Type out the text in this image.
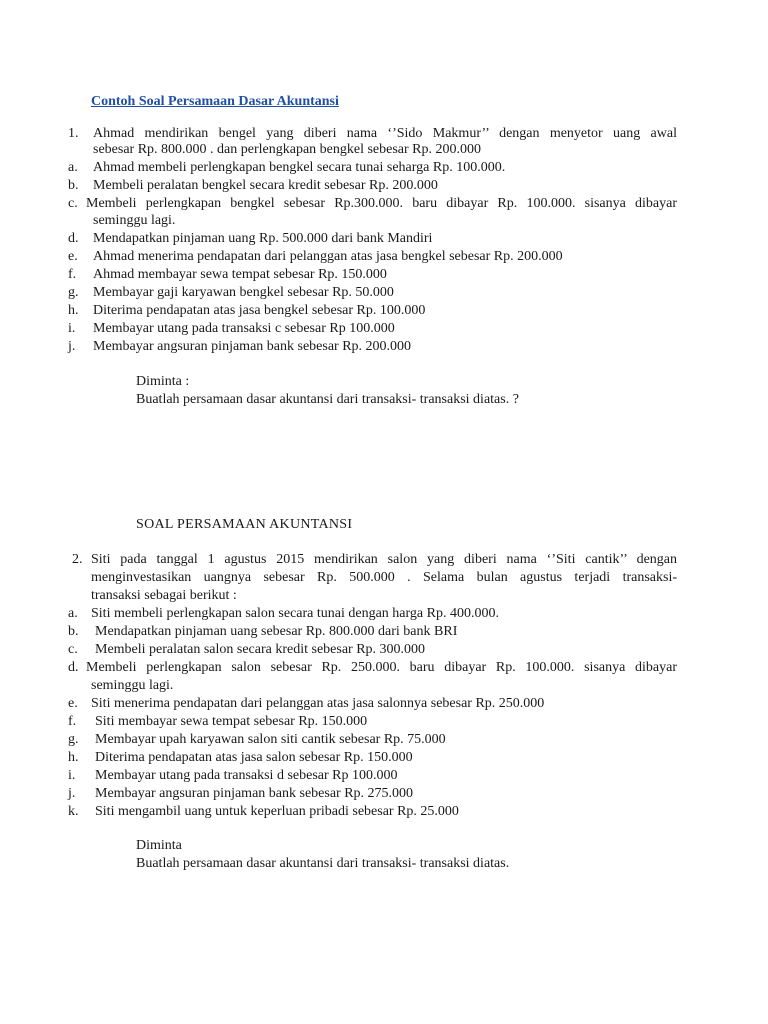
Contoh Soal Persamaan Dasar Akuntansi
1. Ahmad mendirikan bengel yang diberi nama ‘’Sido Makmur’’ dengan menyetor uang awal
sebesar Rp. 800.000 . dan perlengkapan bengkel sebesar Rp. 200.000
a. Ahmad membeli perlengkapan bengkel secara tunai seharga Rp. 100.000.
b. Membeli peralatan bengkel secara kredit sebesar Rp. 200.000
c. Membeli perlengkapan bengkel sebesar Rp.300.000. baru dibayar Rp. 100.000. sisanya dibayar
seminggu lagi.
d. Mendapatkan pinjaman uang Rp. 500.000 dari bank Mandiri
e. Ahmad menerima pendapatan dari pelanggan atas jasa bengkel sebesar Rp. 200.000
f. Ahmad membayar sewa tempat sebesar Rp. 150.000
g. Membayar gaji karyawan bengkel sebesar Rp. 50.000
h. Diterima pendapatan atas jasa bengkel sebesar Rp. 100.000
i. Membayar utang pada transaksi c sebesar Rp 100.000
j. Membayar angsuran pinjaman bank sebesar Rp. 200.000
Diminta :
Buatlah persamaan dasar akuntansi dari transaksi- transaksi diatas. ?
SOAL PERSAMAAN AKUNTANSI
2. Siti pada tanggal 1 agustus 2015 mendirikan salon yang diberi nama ‘’Siti cantik’’ dengan
menginvestasikan uangnya sebesar Rp. 500.000 . Selama bulan agustus terjadi transaksi-
transaksi sebagai berikut :
a. Siti membeli perlengkapan salon secara tunai dengan harga Rp. 400.000.
b. Mendapatkan pinjaman uang sebesar Rp. 800.000 dari bank BRI
c. Membeli peralatan salon secara kredit sebesar Rp. 300.000
d. Membeli perlengkapan salon sebesar Rp. 250.000. baru dibayar Rp. 100.000. sisanya dibayar
seminggu lagi.
e. Siti menerima pendapatan dari pelanggan atas jasa salonnya sebesar Rp. 250.000
f. Siti membayar sewa tempat sebesar Rp. 150.000
g. Membayar upah karyawan salon siti cantik sebesar Rp. 75.000
h. Diterima pendapatan atas jasa salon sebesar Rp. 150.000
i. Membayar utang pada transaksi d sebesar Rp 100.000
j. Membayar angsuran pinjaman bank sebesar Rp. 275.000
k. Siti mengambil uang untuk keperluan pribadi sebesar Rp. 25.000
Diminta
Buatlah persamaan dasar akuntansi dari transaksi- transaksi diatas.
